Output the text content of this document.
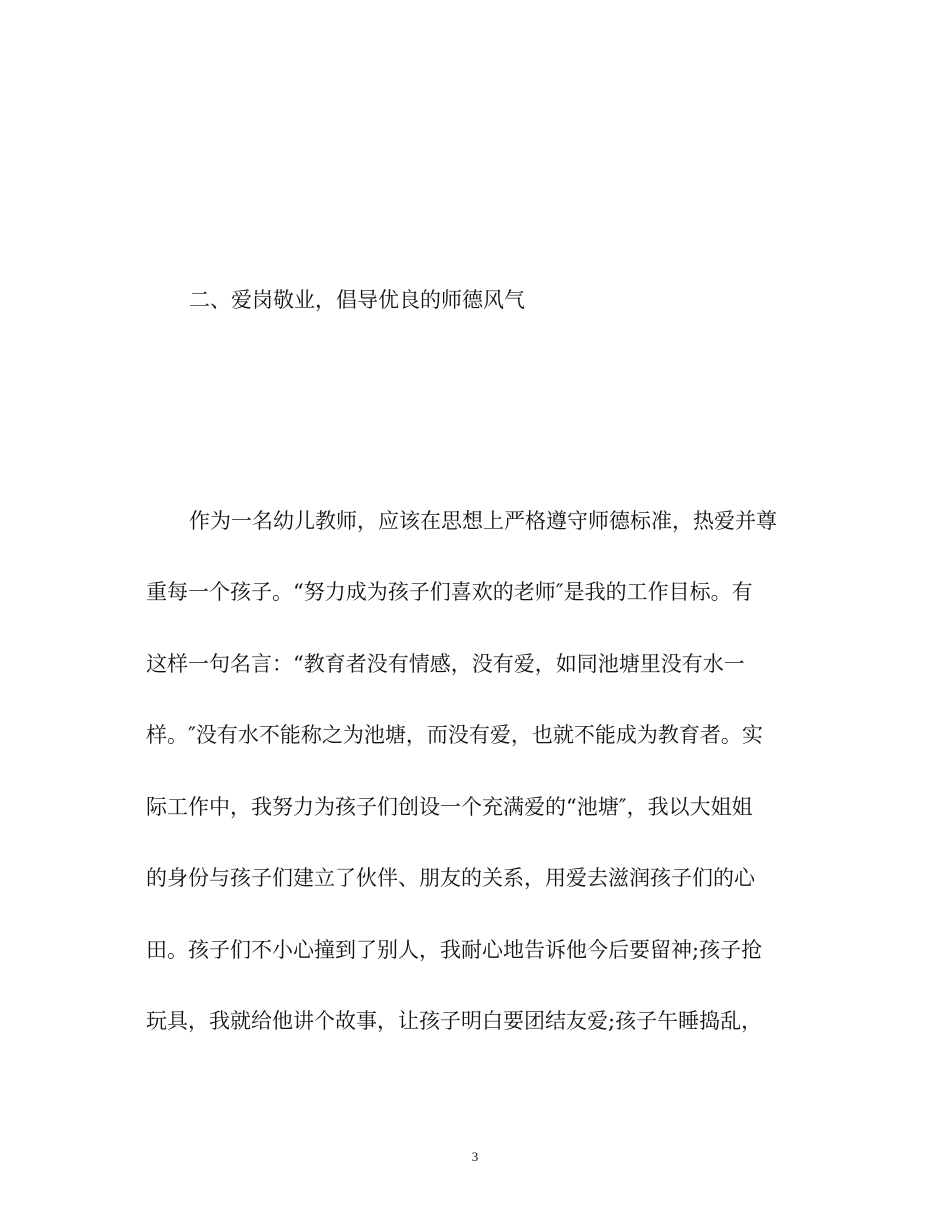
二、爱岗敬业，倡导优良的师德风气
作为一名幼儿教师，应该在思想上严格遵守师德标准，热爱并尊
重每一个孩子。“努力成为孩子们喜欢的老师″是我的工作目标。有
这样一句名言：“教育者没有情感，没有爱，如同池塘里没有水一
样。″没有水不能称之为池塘，而没有爱，也就不能成为教育者。实
际工作中，我努力为孩子们创设一个充满爱的“池塘″，我以大姐姐
的身份与孩子们建立了伙伴、朋友的关系，用爱去滋润孩子们的心
田。孩子们不小心撞到了别人，我耐心地告诉他今后要留神;孩子抢
玩具，我就给他讲个故事，让孩子明白要团结友爱;孩子午睡捣乱，
3
